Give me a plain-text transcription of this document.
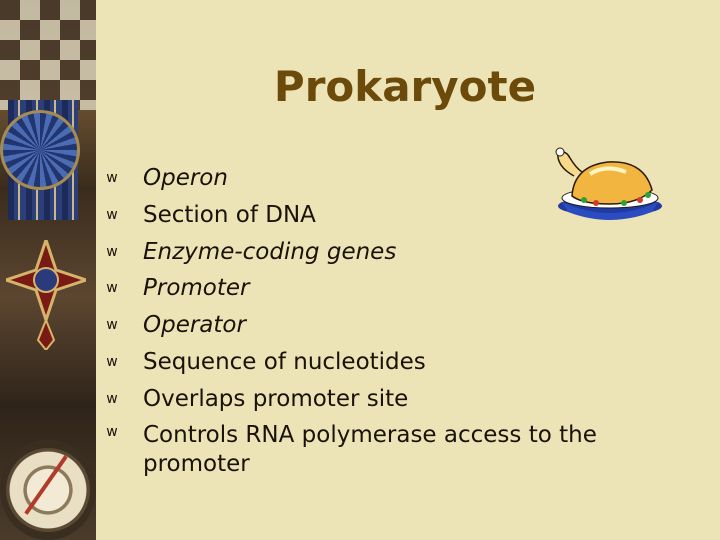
Prokaryote
w Operon
w Section of DNA
w Enzyme-coding genes
w Promoter
w Operator
w Sequence of nucleotides
w Overlaps promoter site
w Controls RNA polymerase access to the promoter
